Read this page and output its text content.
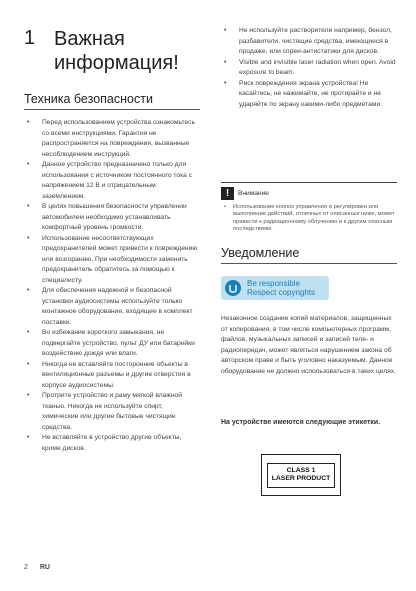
1 Важная
информация!
Техника безопасности
• Перед использованием устройства ознакомьтесь со всеми инструкциями. Гарантия не распространяется на повреждения, вызванные несоблюдением инструкций.
• Данное устройство предназначено только для использования с источником постоянного тока с напряжением 12 В и отрицательным заземлением.
• В целях повышения безопасности управлении автомобилем необходимо устанавливать комфортный уровень громкости.
• Использование несоответствующих предохранителей может привести к повреждению или возгоранию. При необходимости заменить предохранитель обратитесь за помощью к специалисту.
• Для обеспечения надежной и безопасной установки аудиосистемы используйте только монтажное оборудование, входящее в комплект поставки.
• Во избежание короткого замыкания, не подвергайте устройство, пульт ДУ или батарейки воздействию дождя или влаги.
• Никогда не вставляйте посторонние объекты в вентиляционные разъемы и другие отверстия в корпусе аудиосистемы.
• Протрите устройство и раму мягкой влажной тканью. Никогда не используйте спирт, химические или другие бытовые чистящие средства.
• Не вставляйте в устройство другие объекты, кроме дисков.
• Не используйте растворители например, бензол, разбавители, чистящие средства, имеющиеся в продаже, или спреи-антистатики для дисков.
• Visible and invisible laser radiation when open. Avoid exposure to beam.
• Риск повреждения экрана устройства! Не касайтесь, не нажимайте, не протирайте и не ударяйте по экрану какими-либо предметами.
!	Внимание
• Использование кнопок управления и регулировки или выполнение действий, отличных от описанных ниже, может привести к радиационному облучению и к другим опасным последствиям.
Уведомление
Be responsible
Respect copyrights
Незаконное создание копий материалов, защищенных от копирования, в том числе компьютерных программ, файлов, музыкальных записей и записей теле- и радиопередач, может являться нарушением закона об авторском праве и быть уголовно наказуемым. Данное оборудование не должно использоваться в таких целях.
На устройстве имеются следующие этикетки.
CLASS 1
LASER PRODUCT
2 RU
